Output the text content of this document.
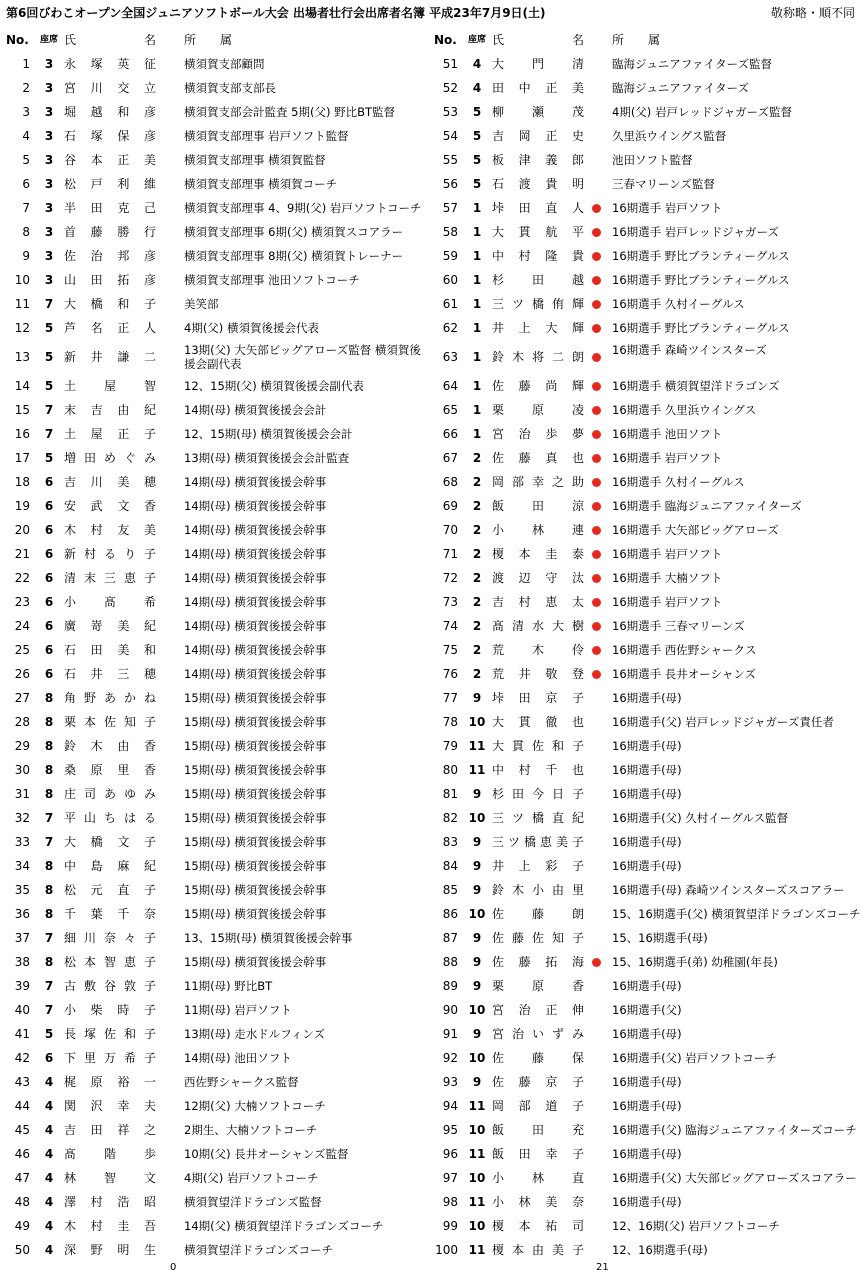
第6回びわこオープン全国ジュニアソフトボール大会 出場者壮行会出席者名簿 平成23年7月9日(土)	敬称略・順不同
No.	座席 氏	名 所　　属
1	3 永 塚 英 征 横須賀支部顧問
2	3 宮 川 交 立 横須賀支部支部長
3	3 堀 越 和 彦 横須賀支部会計監査 5期(父) 野比BT監督
4	3 石 塚 保 彦 横須賀支部理事 岩戸ソフト監督
5	3 谷 本 正 美 横須賀支部理事 横須賀監督
6	3 松 戸 利 維 横須賀支部理事 横須賀コーチ
7	3 半 田 克 己 横須賀支部理事 4、9期(父) 岩戸ソフトコーチ
8	3 首 藤 勝 行 横須賀支部理事 6期(父) 横須賀スコアラー
9	3 佐 治 邦 彦 横須賀支部理事 8期(父) 横須賀トレーナー
10	3 山 田 拓 彦 横須賀支部理事 池田ソフトコーチ
11	7 大 橋 和 子 美笑部
12	5 芦 名 正 人 4期(父) 横須賀後援会代表
13	5 新 井 謙 二 13期(父) 大矢部ビッグアローズ監督 横須賀後援会副代表
14	5 土 屋 智 12、15期(父) 横須賀後援会副代表
15	7 末 吉 由 紀 14期(母) 横須賀後援会会計
16	7 土 屋 正 子 12、15期(母) 横須賀後援会会計
17	5 増 田 め ぐ み 13期(母) 横須賀後援会会計監査
18	6 吉 川 美 穂 14期(母) 横須賀後援会幹事
19	6 安 武 文 香 14期(母) 横須賀後援会幹事
20	6 木 村 友 美 14期(母) 横須賀後援会幹事
21	6 新 村 る り 子 14期(母) 横須賀後援会幹事
22	6 清 末 三 恵 子 14期(母) 横須賀後援会幹事
23	6 小 髙 希 14期(母) 横須賀後援会幹事
24	6 廣 嵜 美 紀 14期(母) 横須賀後援会幹事
25	6 石 田 美 和 14期(母) 横須賀後援会幹事
26	6 石 井 三 穂 14期(母) 横須賀後援会幹事
27	8 角 野 あ か ね 15期(母) 横須賀後援会幹事
28	8 栗 本 佐 知 子 15期(母) 横須賀後援会幹事
29	8 鈴 木 由 香 15期(母) 横須賀後援会幹事
30	8 桑 原 里 香 15期(母) 横須賀後援会幹事
31	8 庄 司 あ ゆ み 15期(母) 横須賀後援会幹事
32	7 平 山 ち は る 15期(母) 横須賀後援会幹事
33	7 大 橋 文 子 15期(母) 横須賀後援会幹事
34	8 中 島 麻 紀 15期(母) 横須賀後援会幹事
35	8 松 元 直 子 15期(母) 横須賀後援会幹事
36	8 千 葉 千 奈 15期(母) 横須賀後援会幹事
37	7 細 川 奈 々 子 13、15期(母) 横須賀後援会幹事
38	8 松 本 智 恵 子 15期(母) 横須賀後援会幹事
39	7 古 敷 谷 敦 子 11期(母) 野比BT
40	7 小 柴 時 子 11期(母) 岩戸ソフト
41	5 長 塚 佐 和 子 13期(母) 走水ドルフィンズ
42	6 下 里 万 希 子 14期(母) 池田ソフト
43	4 梶 原 裕 一 西佐野シャークス監督
44	4 関 沢 幸 夫 12期(父) 大楠ソフトコーチ
45	4 吉 田 祥 之 2期生、大楠ソフトコーチ
46	4 髙 階 歩 10期(父) 長井オーシャンズ監督
47	4 林 智 文 4期(父) 岩戸ソフトコーチ
48	4 澤 村 浩 昭 横須賀望洋ドラゴンズ監督
49	4 木 村 圭 吾 14期(父) 横須賀望洋ドラゴンズコーチ
50	4 深 野 明 生 横須賀望洋ドラゴンズコーチ
No.	座席 氏	名 所　　属
51	4 大 門 清 臨海ジュニアファイターズ監督
52	4 田 中 正 美 臨海ジュニアファイターズ
53	5 柳 瀬 茂 4期(父) 岩戸レッドジャガーズ監督
54	5 吉 岡 正 史 久里浜ウイングス監督
55	5 板 津 義 郎 池田ソフト監督
56	5 石 渡 貴 明 三春マリーンズ監督
57	1 垰 田 直 人 16期選手 岩戸ソフト
58	1 大 貫 航 平 16期選手 岩戸レッドジャガーズ
59	1 中 村 隆 貴 16期選手 野比ブランティーグルス
60	1 杉 田 越 16期選手 野比ブランティーグルス
61	1 三 ツ 橋 侑 輝 16期選手 久村イーグルス
62	1 井 上 大 輝 16期選手 野比ブランティーグルス
63	1 鈴 木 将 二 朗 16期選手 森崎ツインスターズ
64	1 佐 藤 尚 輝 16期選手 横須賀望洋ドラゴンズ
65	1 栗 原 凌 16期選手 久里浜ウイングス
66	1 宮 治 歩 夢 16期選手 池田ソフト
67	2 佐 藤 真 也 16期選手 岩戸ソフト
68	2 岡 部 幸 之 助 16期選手 久村イーグルス
69	2 飯 田 涼 16期選手 臨海ジュニアファイターズ
70	2 小 林 連 16期選手 大矢部ビッグアローズ
71	2 榎 本 圭 泰 16期選手 岩戸ソフト
72	2 渡 辺 守 汰 16期選手 大楠ソフト
73	2 吉 村 恵 太 16期選手 岩戸ソフト
74	2 髙 清 水 大 樹 16期選手 三春マリーンズ
75	2 荒 木 伶 16期選手 西佐野シャークス
76	2 荒 井 敬 登 16期選手 長井オーシャンズ
77	9 垰 田 京 子 16期選手(母)
78 10 大 貫 徹 也 16期選手(父) 岩戸レッドジャガーズ責任者
79 11 大 貫 佐 和 子 16期選手(母)
80 11 中 村 千 也 16期選手(母)
81	9 杉 田 今 日 子 16期選手(母)
82 10 三 ツ 橋 直 紀 16期選手(父) 久村イーグルス監督
83	9 三 ツ 橋 恵 美 子 16期選手(母)
84	9 井 上 彩 子 16期選手(母)
85	9 鈴 木 小 由 里 16期選手(母) 森崎ツインスターズスコアラー
86 10 佐 藤 朗 15、16期選手(父) 横須賀望洋ドラゴンズコーチ
87	9 佐 藤 佐 知 子 15、16期選手(母)
88	9 佐 藤 拓 海 15、16期選手(弟) 幼稚園(年長)
89	9 栗 原 香 16期選手(母)
90 10 宮 治 正 伸 16期選手(父)
91	9 宮 治 い ず み 16期選手(母)
92 10 佐 藤 保 16期選手(父) 岩戸ソフトコーチ
93	9 佐 藤 京 子 16期選手(母)
94 11 岡 部 道 子 16期選手(母)
95 10 飯 田 充 16期選手(父) 臨海ジュニアファイターズコーチ
96 11 飯 田 幸 子 16期選手(母)
97 10 小 林 直 16期選手(父) 大矢部ビッグアローズスコアラー
98 11 小 林 美 奈 16期選手(母)
99 10 榎 本 祐 司 12、16期(父) 岩戸ソフトコーチ
100 11 榎 本 由 美 子 12、16期選手(母)
0	21
